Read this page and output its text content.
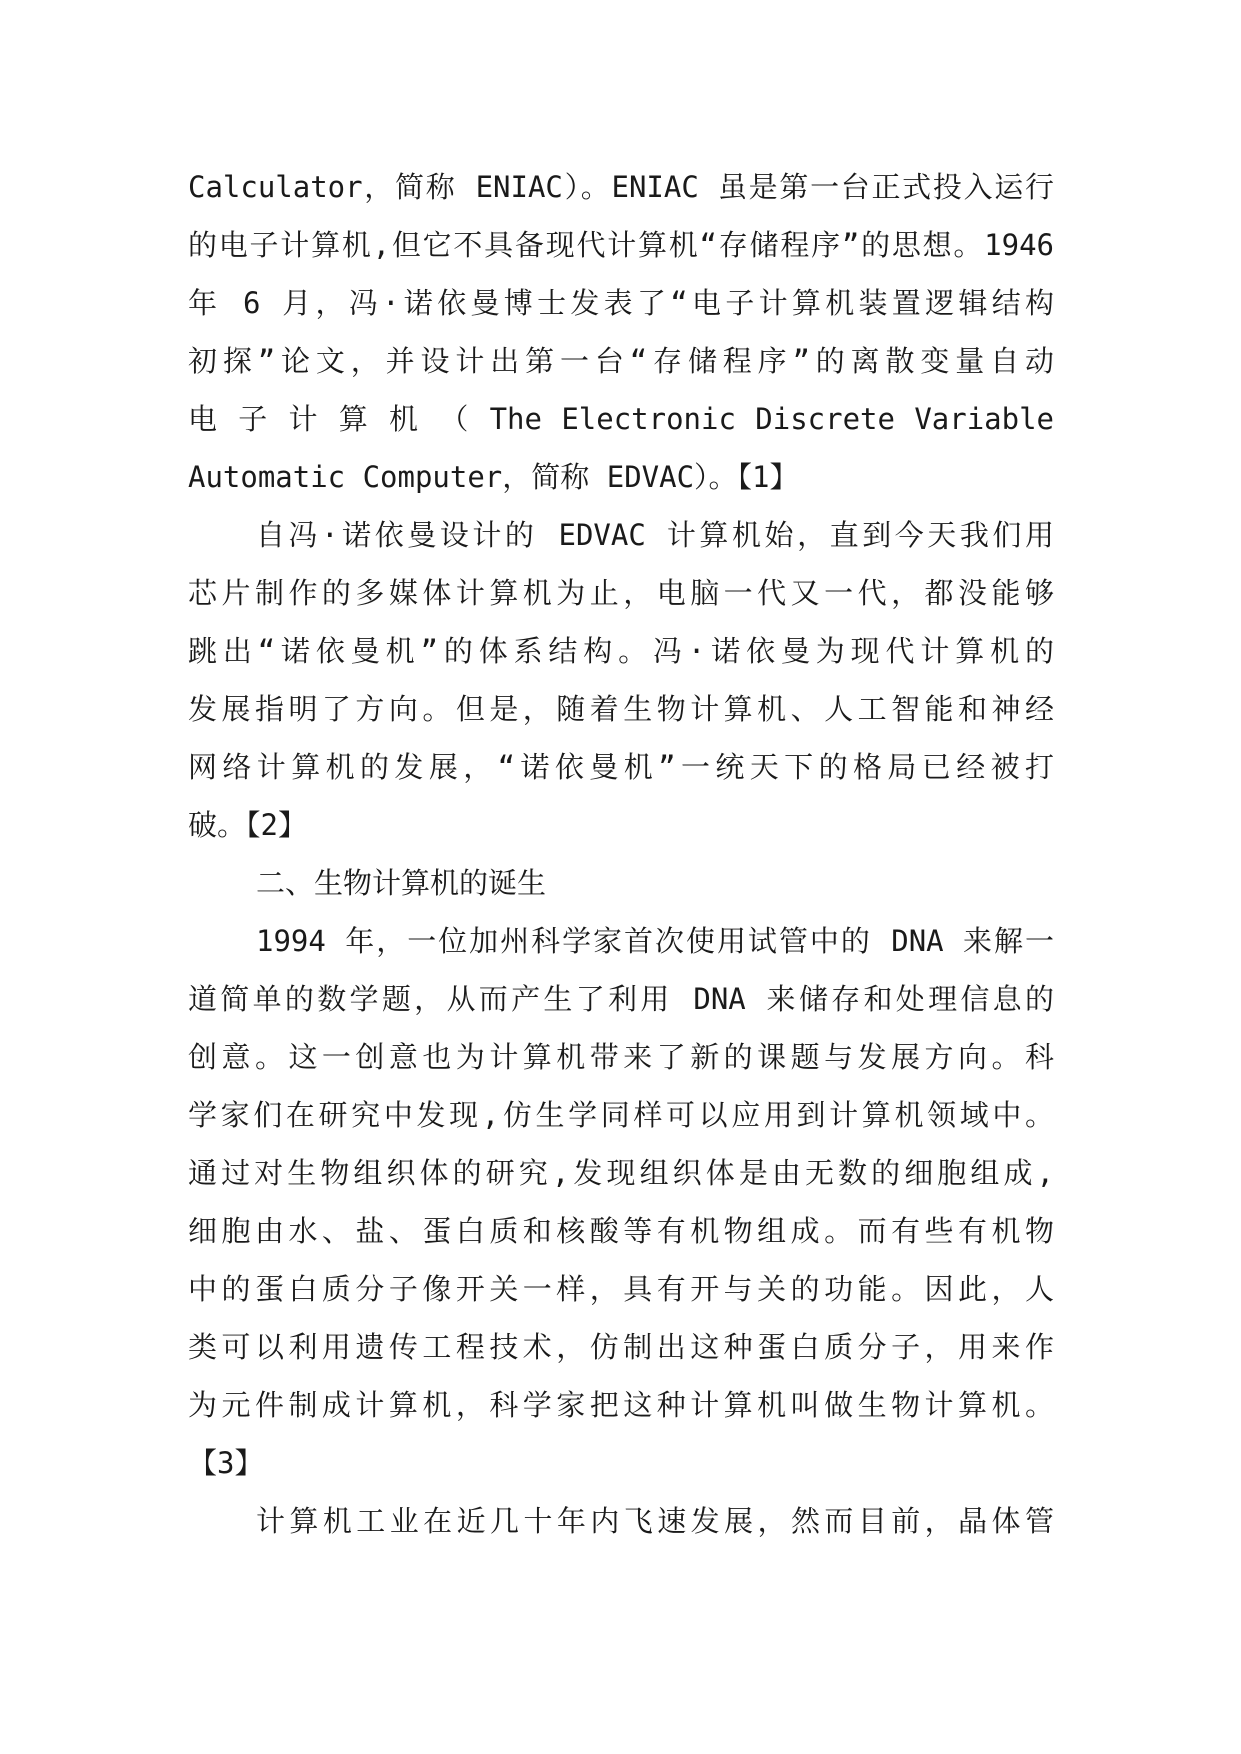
Calculator，简称 ENIAC）。ENIAC 虽是第一台正式投入运行
的电子计算机,但它不具备现代计算机“存储程序”的思想。1946
年 6 月，冯·诺依曼博士发表了“电子计算机装置逻辑结构
初探”论文，并设计出第一台“存储程序”的离散变量自动
电 子 计 算 机 （ The Electronic Discrete Variable
Automatic Computer，简称 EDVAC）。【1】
自冯·诺依曼设计的 EDVAC 计算机始，直到今天我们用
芯片制作的多媒体计算机为止，电脑一代又一代，都没能够
跳出“诺依曼机”的体系结构。冯·诺依曼为现代计算机的
发展指明了方向。但是，随着生物计算机、人工智能和神经
网络计算机的发展，“诺依曼机”一统天下的格局已经被打
破。【2】
二、生物计算机的诞生
1994 年，一位加州科学家首次使用试管中的 DNA 来解一
道简单的数学题，从而产生了利用 DNA 来储存和处理信息的
创意。这一创意也为计算机带来了新的课题与发展方向。科
学家们在研究中发现,仿生学同样可以应用到计算机领域中。
通过对生物组织体的研究,发现组织体是由无数的细胞组成,
细胞由水、盐、蛋白质和核酸等有机物组成。而有些有机物
中的蛋白质分子像开关一样，具有开与关的功能。因此，人
类可以利用遗传工程技术，仿制出这种蛋白质分子，用来作
为元件制成计算机，科学家把这种计算机叫做生物计算机。
【3】
计算机工业在近几十年内飞速发展，然而目前，晶体管
